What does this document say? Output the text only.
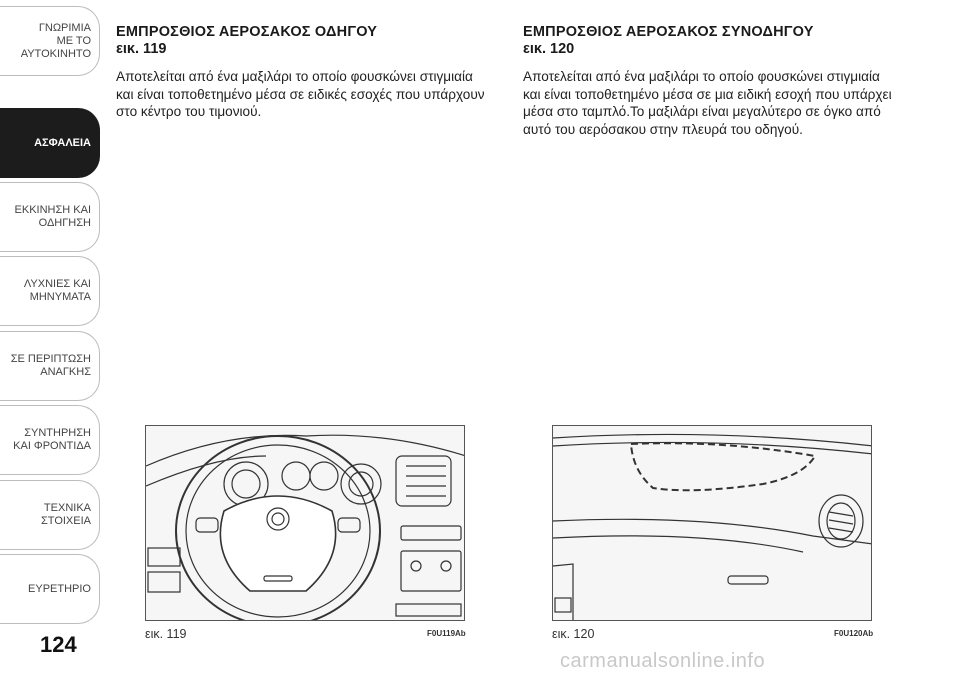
ΓΝΩΡΙΜΙΑ
ΜΕ ΤΟ
ΑΥΤΟΚΙΝΗΤΟ
ΑΣΦΑΛΕΙΑ
ΕΚΚΙΝΗΣΗ ΚΑΙ
ΟΔΗΓΗΣΗ
ΛΥΧΝΙΕΣ ΚΑΙ
ΜΗΝΥΜΑΤΑ
ΣΕ ΠΕΡΙΠΤΩΣΗ
ΑΝΑΓΚΗΣ
ΣΥΝΤΗΡΗΣΗ
ΚΑΙ ΦΡΟΝΤΙΔΑ
ΤΕΧΝΙΚΑ
ΣΤΟΙΧΕΙΑ
ΕΥΡΕΤΗΡΙΟ
124
ΕΜΠΡΟΣΘΙΟΣ ΑΕΡΟΣΑΚΟΣ ΟΔΗΓΟΥ
εικ. 119

Αποτελείται από ένα μαξιλάρι το οποίο φουσκώνει στιγμιαία και είναι τοποθετημένο μέσα σε ειδικές εσοχές που υπάρχουν στο κέντρο του τιμονιού.

ΕΜΠΡΟΣΘΙΟΣ ΑΕΡΟΣΑΚΟΣ ΣΥΝΟΔΗΓΟΥ
εικ. 120

Αποτελείται από ένα μαξιλάρι το οποίο φουσκώνει στιγμιαία και είναι τοποθετημένο μέσα σε μια ειδική εσοχή που υπάρχει μέσα στο ταμπλό.Το μαξιλάρι είναι μεγαλύτερο σε όγκο από αυτό του αερόσακου στην πλευρά του οδηγού.

εικ. 119	F0U119Ab	εικ. 120	F0U120Ab
carmanualsonline.info
